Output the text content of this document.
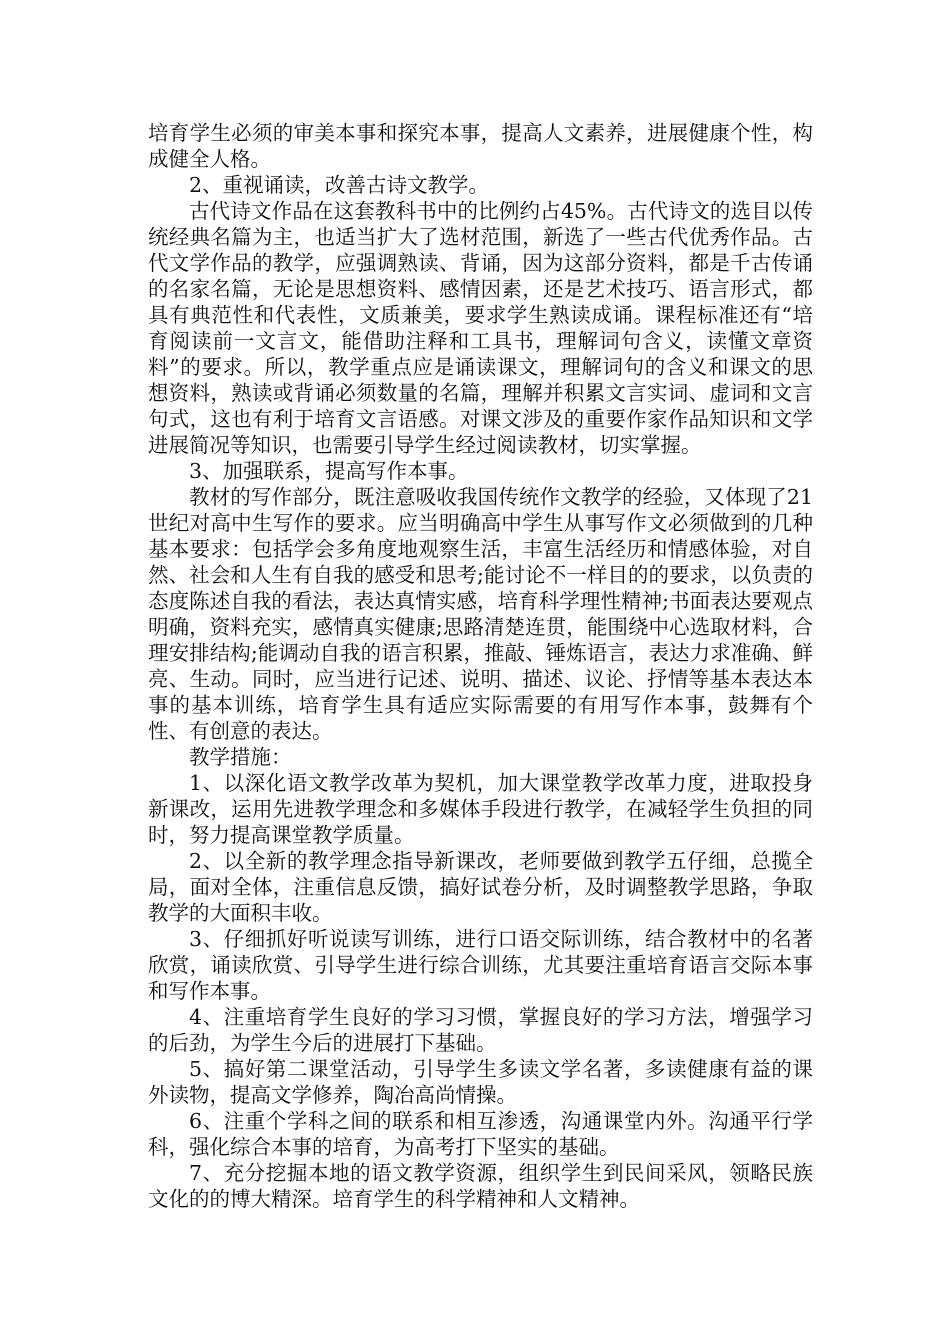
培育学生必须的审美本事和探究本事，提高人文素养，进展健康个性，构成健全人格。

2、重视诵读，改善古诗文教学。

古代诗文作品在这套教科书中的比例约占45%。古代诗文的选目以传统经典名篇为主，也适当扩大了选材范围，新选了一些古代优秀作品。古代文学作品的教学，应强调熟读、背诵，因为这部分资料，都是千古传诵的名家名篇，无论是思想资料、感情因素，还是艺术技巧、语言形式，都具有典范性和代表性，文质兼美，要求学生熟读成诵。课程标准还有“培育阅读前一文言文，能借助注释和工具书，理解词句含义，读懂文章资料”的要求。所以，教学重点应是诵读课文，理解词句的含义和课文的思想资料，熟读或背诵必须数量的名篇，理解并积累文言实词、虚词和文言句式，这也有利于培育文言语感。对课文涉及的重要作家作品知识和文学进展简况等知识，也需要引导学生经过阅读教材，切实掌握。

3、加强联系，提高写作本事。

教材的写作部分，既注意吸收我国传统作文教学的经验，又体现了21世纪对高中生写作的要求。应当明确高中学生从事写作文必须做到的几种基本要求：包括学会多角度地观察生活，丰富生活经历和情感体验，对自然、社会和人生有自我的感受和思考;能讨论不一样目的的要求，以负责的态度陈述自我的看法，表达真情实感，培育科学理性精神;书面表达要观点明确，资料充实，感情真实健康;思路清楚连贯，能围绕中心选取材料，合理安排结构;能调动自我的语言积累，推敲、锤炼语言，表达力求准确、鲜亮、生动。同时，应当进行记述、说明、描述、议论、抒情等基本表达本事的基本训练，培育学生具有适应实际需要的有用写作本事，鼓舞有个性、有创意的表达。

教学措施：

1、以深化语文教学改革为契机，加大课堂教学改革力度，进取投身新课改，运用先进教学理念和多媒体手段进行教学，在减轻学生负担的同时，努力提高课堂教学质量。

2、以全新的教学理念指导新课改，老师要做到教学五仔细，总揽全局，面对全体，注重信息反馈，搞好试卷分析，及时调整教学思路，争取教学的大面积丰收。

3、仔细抓好听说读写训练，进行口语交际训练，结合教材中的名著欣赏，诵读欣赏、引导学生进行综合训练，尤其要注重培育语言交际本事和写作本事。

4、注重培育学生良好的学习习惯，掌握良好的学习方法，增强学习的后劲，为学生今后的进展打下基础。

5、搞好第二课堂活动，引导学生多读文学名著，多读健康有益的课外读物，提高文学修养，陶冶高尚情操。

6、注重个学科之间的联系和相互渗透，沟通课堂内外。沟通平行学科，强化综合本事的培育，为高考打下坚实的基础。

7、充分挖掘本地的语文教学资源，组织学生到民间采风，领略民族文化的的博大精深。培育学生的科学精神和人文精神。
